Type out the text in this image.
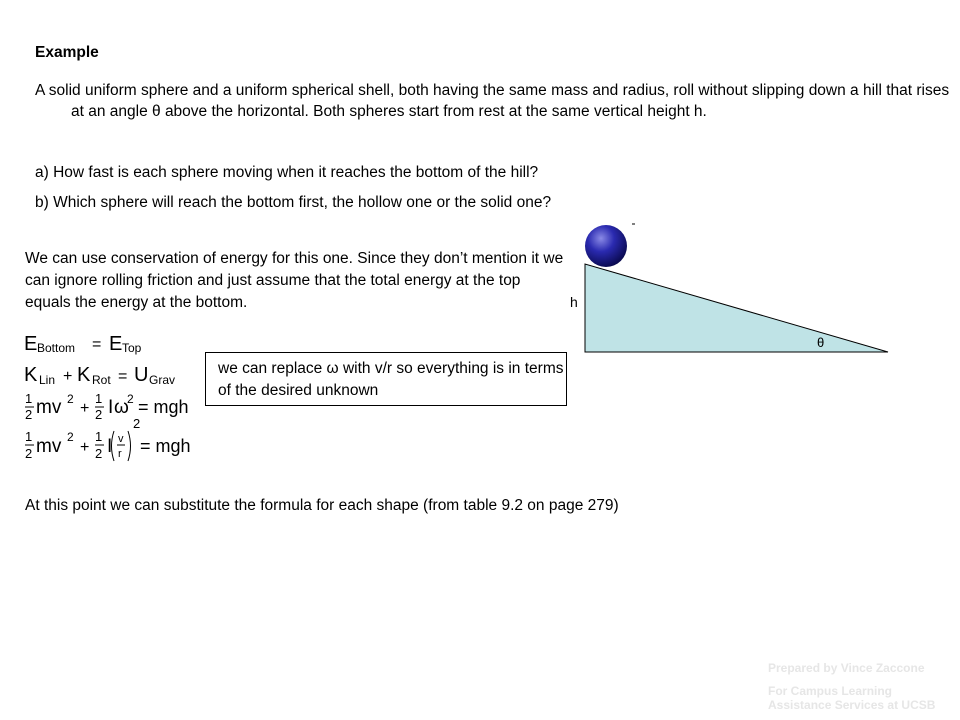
Example
A solid uniform sphere and a uniform spherical shell, both having the same mass and radius, roll without slipping down a hill that rises at an angle θ above the horizontal. Both spheres start from rest at the same vertical height h.
a) How fast is each sphere moving when it reaches the bottom of the hill?
b) Which sphere will reach the bottom first, the hollow one or the solid one?
h
θ
We can use conservation of energy for this one. Since they don’t mention it we can ignore rolling friction and just assume that the total energy at the top equals the energy at the bottom.
E Bottom = E Top
K Lin + K Rot = U Grav
1
2 mv 2
+
1
2 I ω
2 = mgh
1
2 mv 2
+
1
2 I v
r
2
= mgh
we can replace ω with v/r so everything is in terms of the desired unknown
At this point we can substitute the formula for each shape (from table 9.2 on page 279)
Prepared by Vince Zaccone
For Campus Learning Assistance Services at UCSB
